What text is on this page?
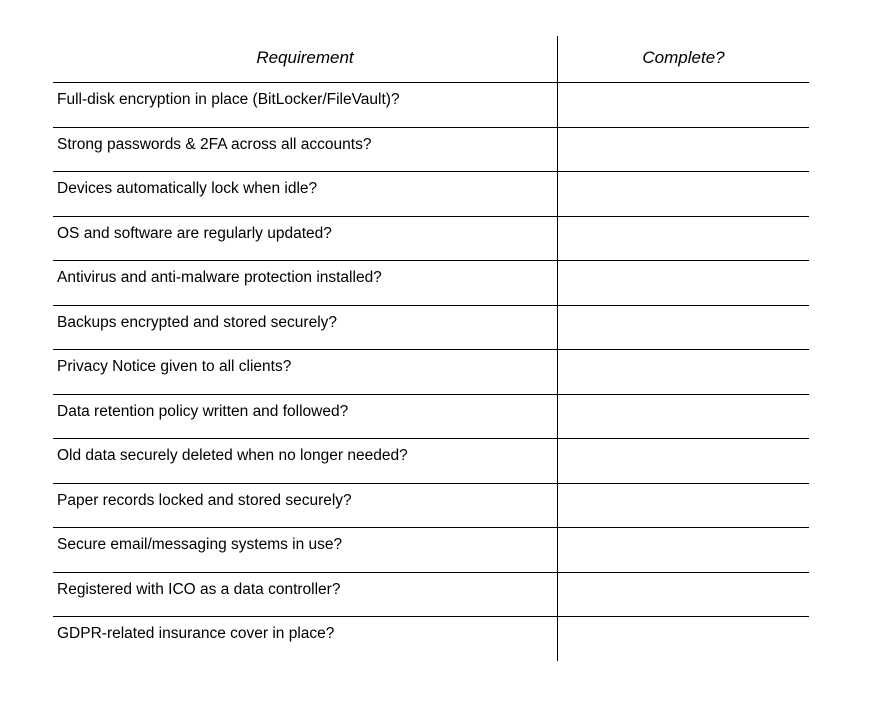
Requirement	Complete?
Full-disk encryption in place (BitLocker/FileVault)?
Strong passwords & 2FA across all accounts?
Devices automatically lock when idle?
OS and software are regularly updated?
Antivirus and anti-malware protection installed?
Backups encrypted and stored securely?
Privacy Notice given to all clients?
Data retention policy written and followed?
Old data securely deleted when no longer needed?
Paper records locked and stored securely?
Secure email/messaging systems in use?
Registered with ICO as a data controller?
GDPR-related insurance cover in place?
